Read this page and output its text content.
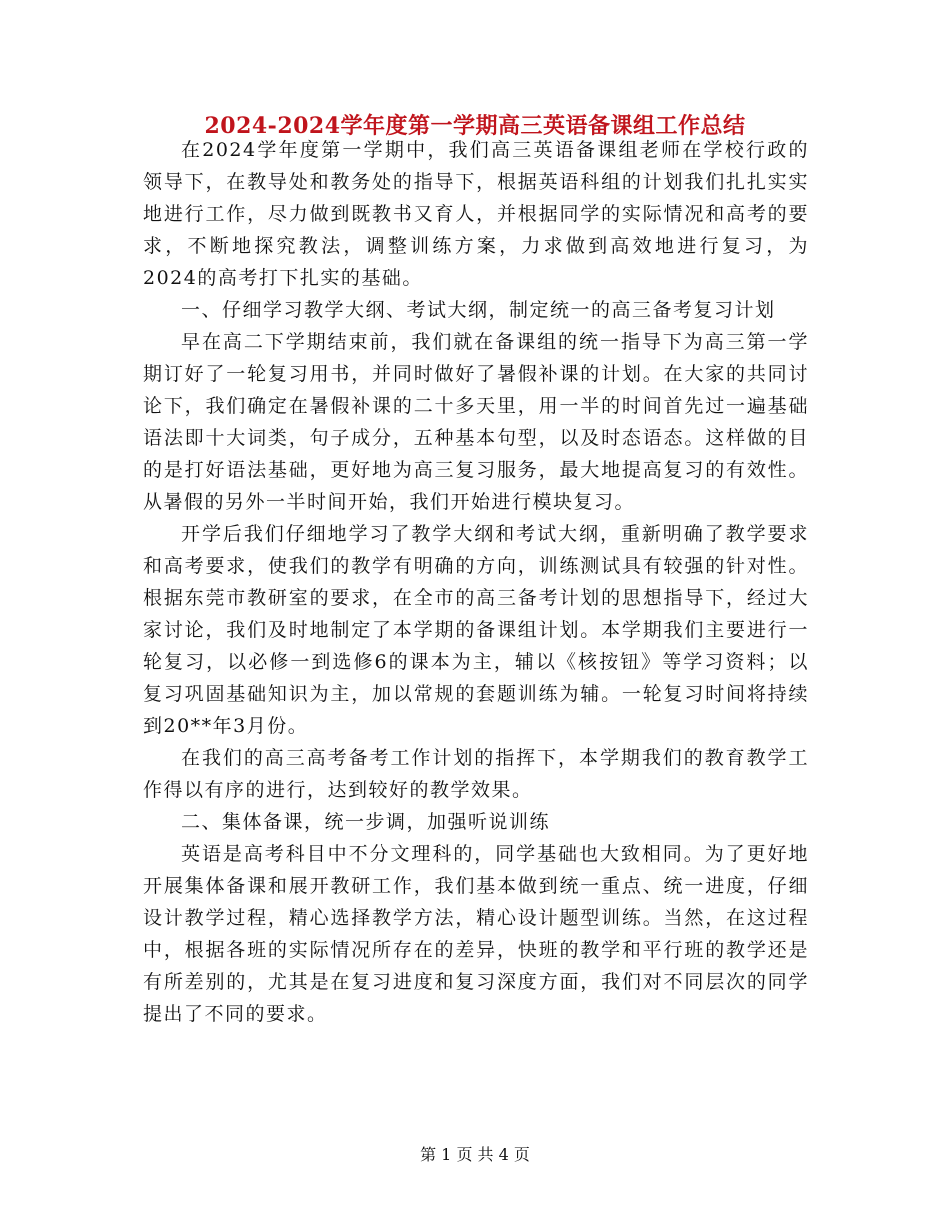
2024-2024学年度第一学期高三英语备课组工作总结

在2024学年度第一学期中，我们高三英语备课组老师在学校行政的领导下，在教导处和教务处的指导下，根据英语科组的计划我们扎扎实实地进行工作，尽力做到既教书又育人，并根据同学的实际情况和高考的要求，不断地探究教法，调整训练方案，力求做到高效地进行复习，为2024的高考打下扎实的基础。

一、仔细学习教学大纲、考试大纲，制定统一的高三备考复习计划

早在高二下学期结束前，我们就在备课组的统一指导下为高三第一学期订好了一轮复习用书，并同时做好了暑假补课的计划。在大家的共同讨论下，我们确定在暑假补课的二十多天里，用一半的时间首先过一遍基础语法即十大词类，句子成分，五种基本句型，以及时态语态。这样做的目的是打好语法基础，更好地为高三复习服务，最大地提高复习的有效性。从暑假的另外一半时间开始，我们开始进行模块复习。

开学后我们仔细地学习了教学大纲和考试大纲，重新明确了教学要求和高考要求，使我们的教学有明确的方向，训练测试具有较强的针对性。根据东莞市教研室的要求，在全市的高三备考计划的思想指导下，经过大家讨论，我们及时地制定了本学期的备课组计划。本学期我们主要进行一轮复习，以必修一到选修6的课本为主，辅以《核按钮》等学习资料；以复习巩固基础知识为主，加以常规的套题训练为辅。一轮复习时间将持续到20**年3月份。

在我们的高三高考备考工作计划的指挥下，本学期我们的教育教学工作得以有序的进行，达到较好的教学效果。

二、集体备课，统一步调，加强听说训练

英语是高考科目中不分文理科的，同学基础也大致相同。为了更好地开展集体备课和展开教研工作，我们基本做到统一重点、统一进度，仔细设计教学过程，精心选择教学方法，精心设计题型训练。当然，在这过程中，根据各班的实际情况所存在的差异，快班的教学和平行班的教学还是有所差别的，尤其是在复习进度和复习深度方面，我们对不同层次的同学提出了不同的要求。

第 1 页 共 4 页
